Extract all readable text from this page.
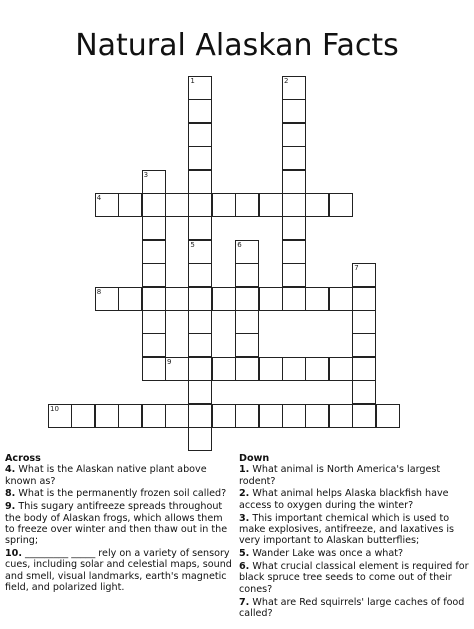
Natural Alaskan Facts
1
5
2
3
4
6
7
8
9
10
Across
4. What is the Alaskan native plant above known as?
8. What is the permanently frozen soil called?
9. This sugary antifreeze spreads throughout the body of Alaskan frogs, which allows them to freeze over winter and then thaw out in the spring;
10. _________ _____ rely on a variety of sensory cues, including solar and celestial maps, sound and smell, visual landmarks, earth's magnetic field, and polarized light.
Down
1. What animal is North America's largest rodent?
2. What animal helps Alaska blackfish have access to oxygen during the winter?
3. This important chemical which is used to make explosives, antifreeze, and laxatives is very important to Alaskan butterflies;
5. Wander Lake was once a what?
6. What crucial classical element is required for black spruce tree seeds to come out of their cones?
7. What are Red squirrels' large caches of food called?
